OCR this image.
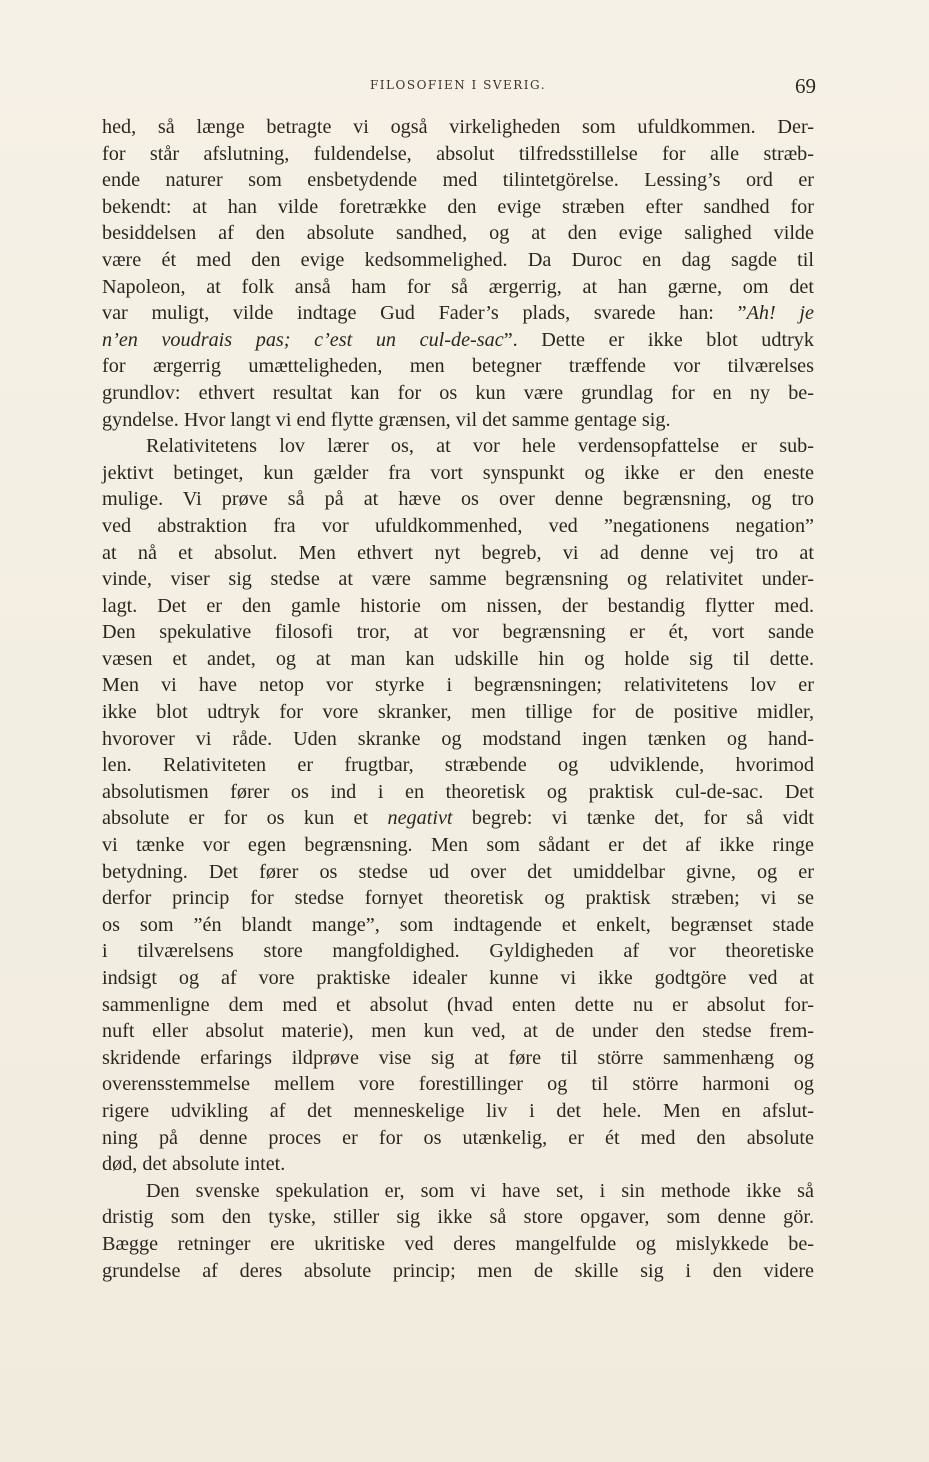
FILOSOFIEN I SVERIG.	69
hed, så længe betragte vi også virkeligheden som ufuldkommen. Der-
for står afslutning, fuldendelse, absolut tilfredsstillelse for alle stræb-
ende naturer som ensbetydende med tilintetgörelse. Lessing’s ord er
bekendt: at han vilde foretrække den evige stræben efter sandhed for
besiddelsen af den absolute sandhed, og at den evige salighed vilde
være ét med den evige kedsommelighed. Da Duroc en dag sagde til
Napoleon, at folk anså ham for så ærgerrig, at han gærne, om det
var muligt, vilde indtage Gud Fader’s plads, svarede han: ”Ah! je
n’en voudrais pas; c’est un cul-de-sac”. Dette er ikke blot udtryk
for ærgerrig umætteligheden, men betegner træffende vor tilværelses
grundlov: ethvert resultat kan for os kun være grundlag for en ny be-
gyndelse. Hvor langt vi end flytte grænsen, vil det samme gentage sig.
Relativitetens lov lærer os, at vor hele verdensopfattelse er sub-
jektivt betinget, kun gælder fra vort synspunkt og ikke er den eneste
mulige. Vi prøve så på at hæve os over denne begrænsning, og tro
ved abstraktion fra vor ufuldkommenhed, ved ”negationens negation”
at nå et absolut. Men ethvert nyt begreb, vi ad denne vej tro at
vinde, viser sig stedse at være samme begrænsning og relativitet under-
lagt. Det er den gamle historie om nissen, der bestandig flytter med.
Den spekulative filosofi tror, at vor begrænsning er ét, vort sande
væsen et andet, og at man kan udskille hin og holde sig til dette.
Men vi have netop vor styrke i begrænsningen; relativitetens lov er
ikke blot udtryk for vore skranker, men tillige for de positive midler,
hvorover vi råde. Uden skranke og modstand ingen tænken og hand-
len. Relativiteten er frugtbar, stræbende og udviklende, hvorimod
absolutismen fører os ind i en theoretisk og praktisk cul-de-sac. Det
absolute er for os kun et negativt begreb: vi tænke det, for så vidt
vi tænke vor egen begrænsning. Men som sådant er det af ikke ringe
betydning. Det fører os stedse ud over det umiddelbar givne, og er
derfor princip for stedse fornyet theoretisk og praktisk stræben; vi se
os som ”én blandt mange”, som indtagende et enkelt, begrænset stade
i tilværelsens store mangfoldighed. Gyldigheden af vor theoretiske
indsigt og af vore praktiske idealer kunne vi ikke godtgöre ved at
sammenligne dem med et absolut (hvad enten dette nu er absolut for-
nuft eller absolut materie), men kun ved, at de under den stedse frem-
skridende erfarings ildprøve vise sig at føre til större sammenhæng og
overensstemmelse mellem vore forestillinger og til större harmoni og
rigere udvikling af det menneskelige liv i det hele. Men en afslut-
ning på denne proces er for os utænkelig, er ét med den absolute
død, det absolute intet.
Den svenske spekulation er, som vi have set, i sin methode ikke så
dristig som den tyske, stiller sig ikke så store opgaver, som denne gör.
Bægge retninger ere ukritiske ved deres mangelfulde og mislykkede be-
grundelse af deres absolute princip; men de skille sig i den videre
